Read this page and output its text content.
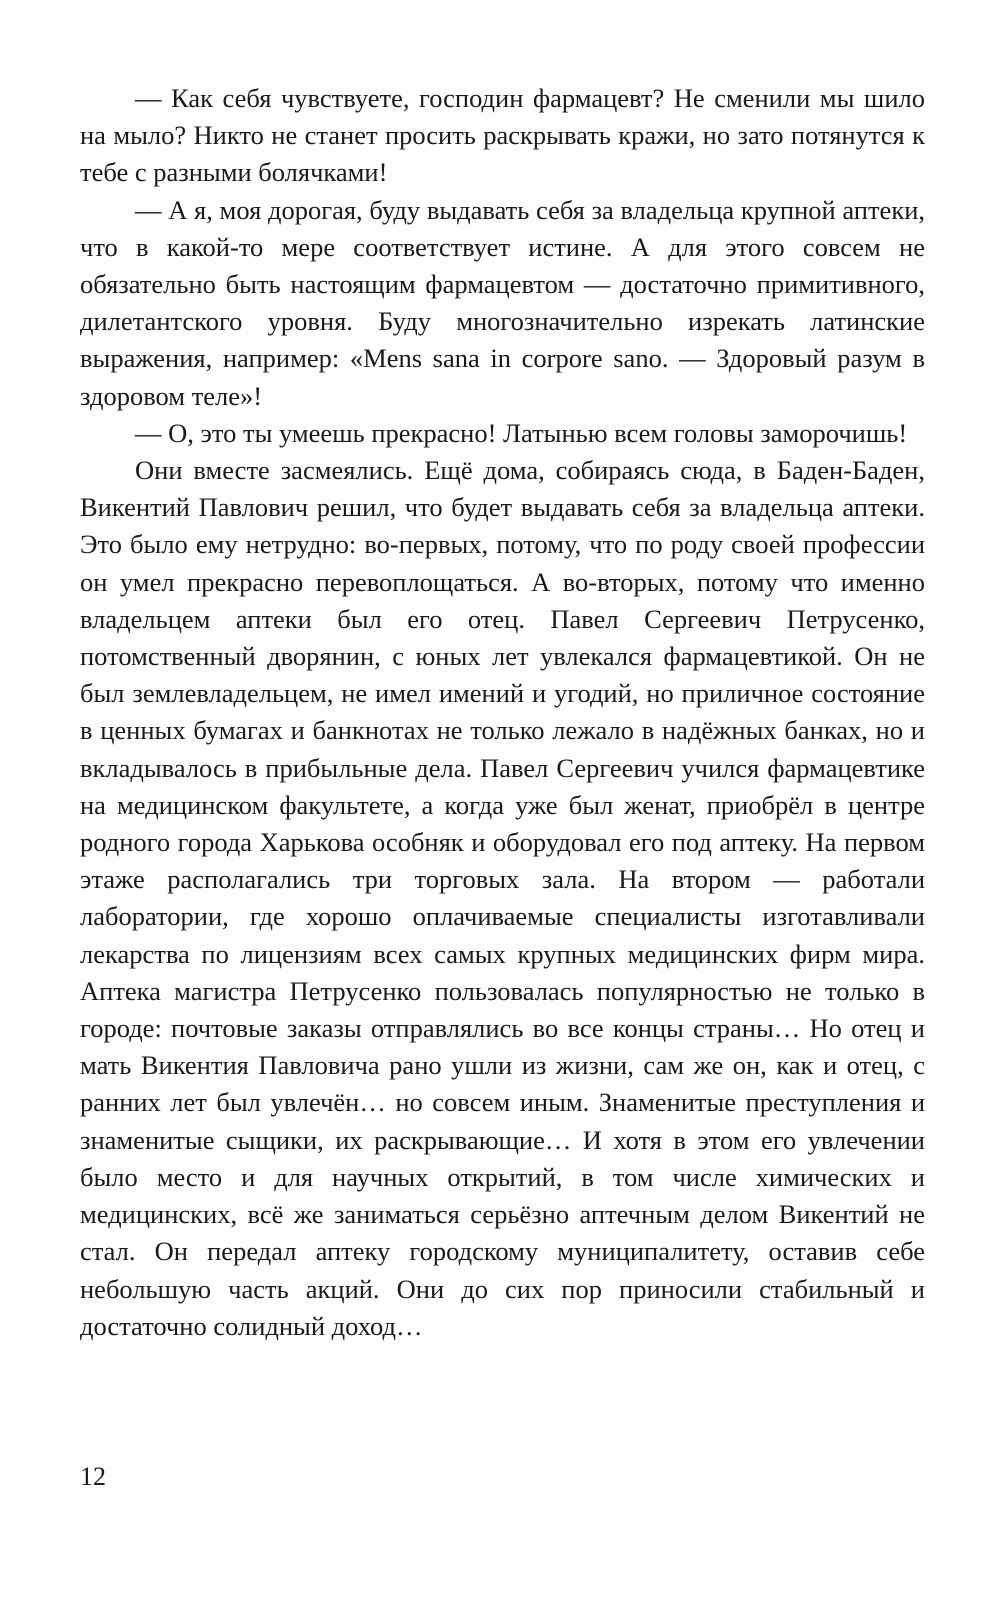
— Как себя чувствуете, господин фармацевт? Не сменили мы шило на мыло? Никто не станет просить раскрывать кражи, но зато потянутся к тебе с разными болячками!

— А я, моя дорогая, буду выдавать себя за владельца крупной аптеки, что в какой-то мере соответствует истине. А для этого совсем не обязательно быть настоящим фармацевтом — достаточно примитивного, дилетантского уровня. Буду многозначительно изрекать латинские выражения, например: «Mens sana in corpore sano. — Здоровый разум в здоровом теле»!

— О, это ты умеешь прекрасно! Латынью всем головы заморочишь!

Они вместе засмеялись. Ещё дома, собираясь сюда, в Баден-Баден, Викентий Павлович решил, что будет выдавать себя за владельца аптеки. Это было ему нетрудно: во-первых, потому, что по роду своей профессии он умел прекрасно перевоплощаться. А во-вторых, потому что именно владельцем аптеки был его отец. Павел Сергеевич Петрусенко, потомственный дворянин, с юных лет увлекался фармацевтикой. Он не был землевладельцем, не имел имений и угодий, но приличное состояние в ценных бумагах и банкнотах не только лежало в надёжных банках, но и вкладывалось в прибыльные дела. Павел Сергеевич учился фармацевтике на медицинском факультете, а когда уже был женат, приобрёл в центре родного города Харькова особняк и оборудовал его под аптеку. На первом этаже располагались три торговых зала. На втором — работали лаборатории, где хорошо оплачиваемые специалисты изготавливали лекарства по лицензиям всех самых крупных медицинских фирм мира. Аптека магистра Петрусенко пользовалась популярностью не только в городе: почтовые заказы отправлялись во все концы страны… Но отец и мать Викентия Павловича рано ушли из жизни, сам же он, как и отец, с ранних лет был увлечён… но совсем иным. Знаменитые преступления и знаменитые сыщики, их раскрывающие… И хотя в этом его увлечении было место и для научных открытий, в том числе химических и медицинских, всё же заниматься серьёзно аптечным делом Викентий не стал. Он передал аптеку городскому муниципалитету, оставив себе небольшую часть акций. Они до сих пор приносили стабильный и достаточно солидный доход…

12
